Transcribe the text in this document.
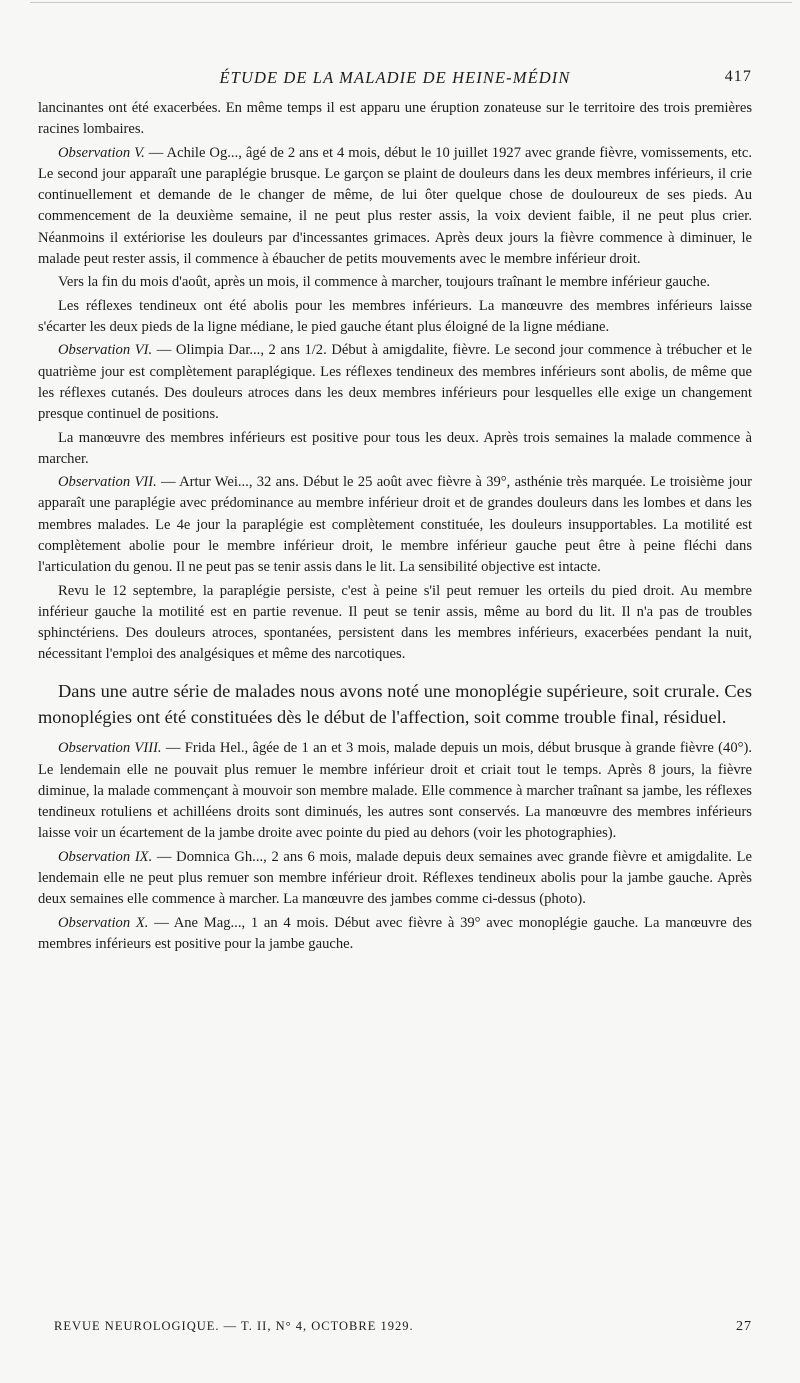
ÉTUDE DE LA MALADIE DE HEINE-MÉDIN	417

lancinantes ont été exacerbées. En même temps il est apparu une éruption zonateuse sur le territoire des trois premières racines lombaires.

Observation V. — Achile Og..., âgé de 2 ans et 4 mois, début le 10 juillet 1927 avec grande fièvre, vomissements, etc. Le second jour apparaît une paraplégie brusque. Le garçon se plaint de douleurs dans les deux membres inférieurs, il crie continuellement et demande de le changer de même, de lui ôter quelque chose de douloureux de ses pieds. Au commencement de la deuxième semaine, il ne peut plus rester assis, la voix devient faible, il ne peut plus crier. Néanmoins il extériorise les douleurs par d'incessantes grimaces. Après deux jours la fièvre commence à diminuer, le malade peut rester assis, il commence à ébaucher de petits mouvements avec le membre inférieur droit.

Vers la fin du mois d'août, après un mois, il commence à marcher, toujours traînant le membre inférieur gauche.

Les réflexes tendineux ont été abolis pour les membres inférieurs. La manœuvre des membres inférieurs laisse s'écarter les deux pieds de la ligne médiane, le pied gauche étant plus éloigné de la ligne médiane.

Observation VI. — Olimpia Dar..., 2 ans 1/2. Début à amigdalite, fièvre. Le second jour commence à trébucher et le quatrième jour est complètement paraplégique. Les réflexes tendineux des membres inférieurs sont abolis, de même que les réflexes cutanés. Des douleurs atroces dans les deux membres inférieurs pour lesquelles elle exige un changement presque continuel de positions.

La manœuvre des membres inférieurs est positive pour tous les deux. Après trois semaines la malade commence à marcher.

Observation VII. — Artur Wei..., 32 ans. Début le 25 août avec fièvre à 39°, asthénie très marquée. Le troisième jour apparaît une paraplégie avec prédominance au membre inférieur droit et de grandes douleurs dans les lombes et dans les membres malades. Le 4e jour la paraplégie est complètement constituée, les douleurs insupportables. La motilité est complètement abolie pour le membre inférieur droit, le membre inférieur gauche peut être à peine fléchi dans l'articulation du genou. Il ne peut pas se tenir assis dans le lit. La sensibilité objective est intacte.

Revu le 12 septembre, la paraplégie persiste, c'est à peine s'il peut remuer les orteils du pied droit. Au membre inférieur gauche la motilité est en partie revenue. Il peut se tenir assis, même au bord du lit. Il n'a pas de troubles sphinctériens. Des douleurs atroces, spontanées, persistent dans les membres inférieurs, exacerbées pendant la nuit, nécessitant l'emploi des analgésiques et même des narcotiques.

Dans une autre série de malades nous avons noté une monoplégie supérieure, soit crurale. Ces monoplégies ont été constituées dès le début de l'affection, soit comme trouble final, résiduel.

Observation VIII. — Frida Hel., âgée de 1 an et 3 mois, malade depuis un mois, début brusque à grande fièvre (40°). Le lendemain elle ne pouvait plus remuer le membre inférieur droit et criait tout le temps. Après 8 jours, la fièvre diminue, la malade commençant à mouvoir son membre malade. Elle commence à marcher traînant sa jambe, les réflexes tendineux rotuliens et achilléens droits sont diminués, les autres sont conservés. La manœuvre des membres inférieurs laisse voir un écartement de la jambe droite avec pointe du pied au dehors (voir les photographies).

Observation IX. — Domnica Gh..., 2 ans 6 mois, malade depuis deux semaines avec grande fièvre et amigdalite. Le lendemain elle ne peut plus remuer son membre inférieur droit. Réflexes tendineux abolis pour la jambe gauche. Après deux semaines elle commence à marcher. La manœuvre des jambes comme ci-dessus (photo).

Observation X. — Ane Mag..., 1 an 4 mois. Début avec fièvre à 39° avec monoplégie gauche. La manœuvre des membres inférieurs est positive pour la jambe gauche.

REVUE NEUROLOGIQUE. — T. II, N° 4, OCTOBRE 1929.	27
